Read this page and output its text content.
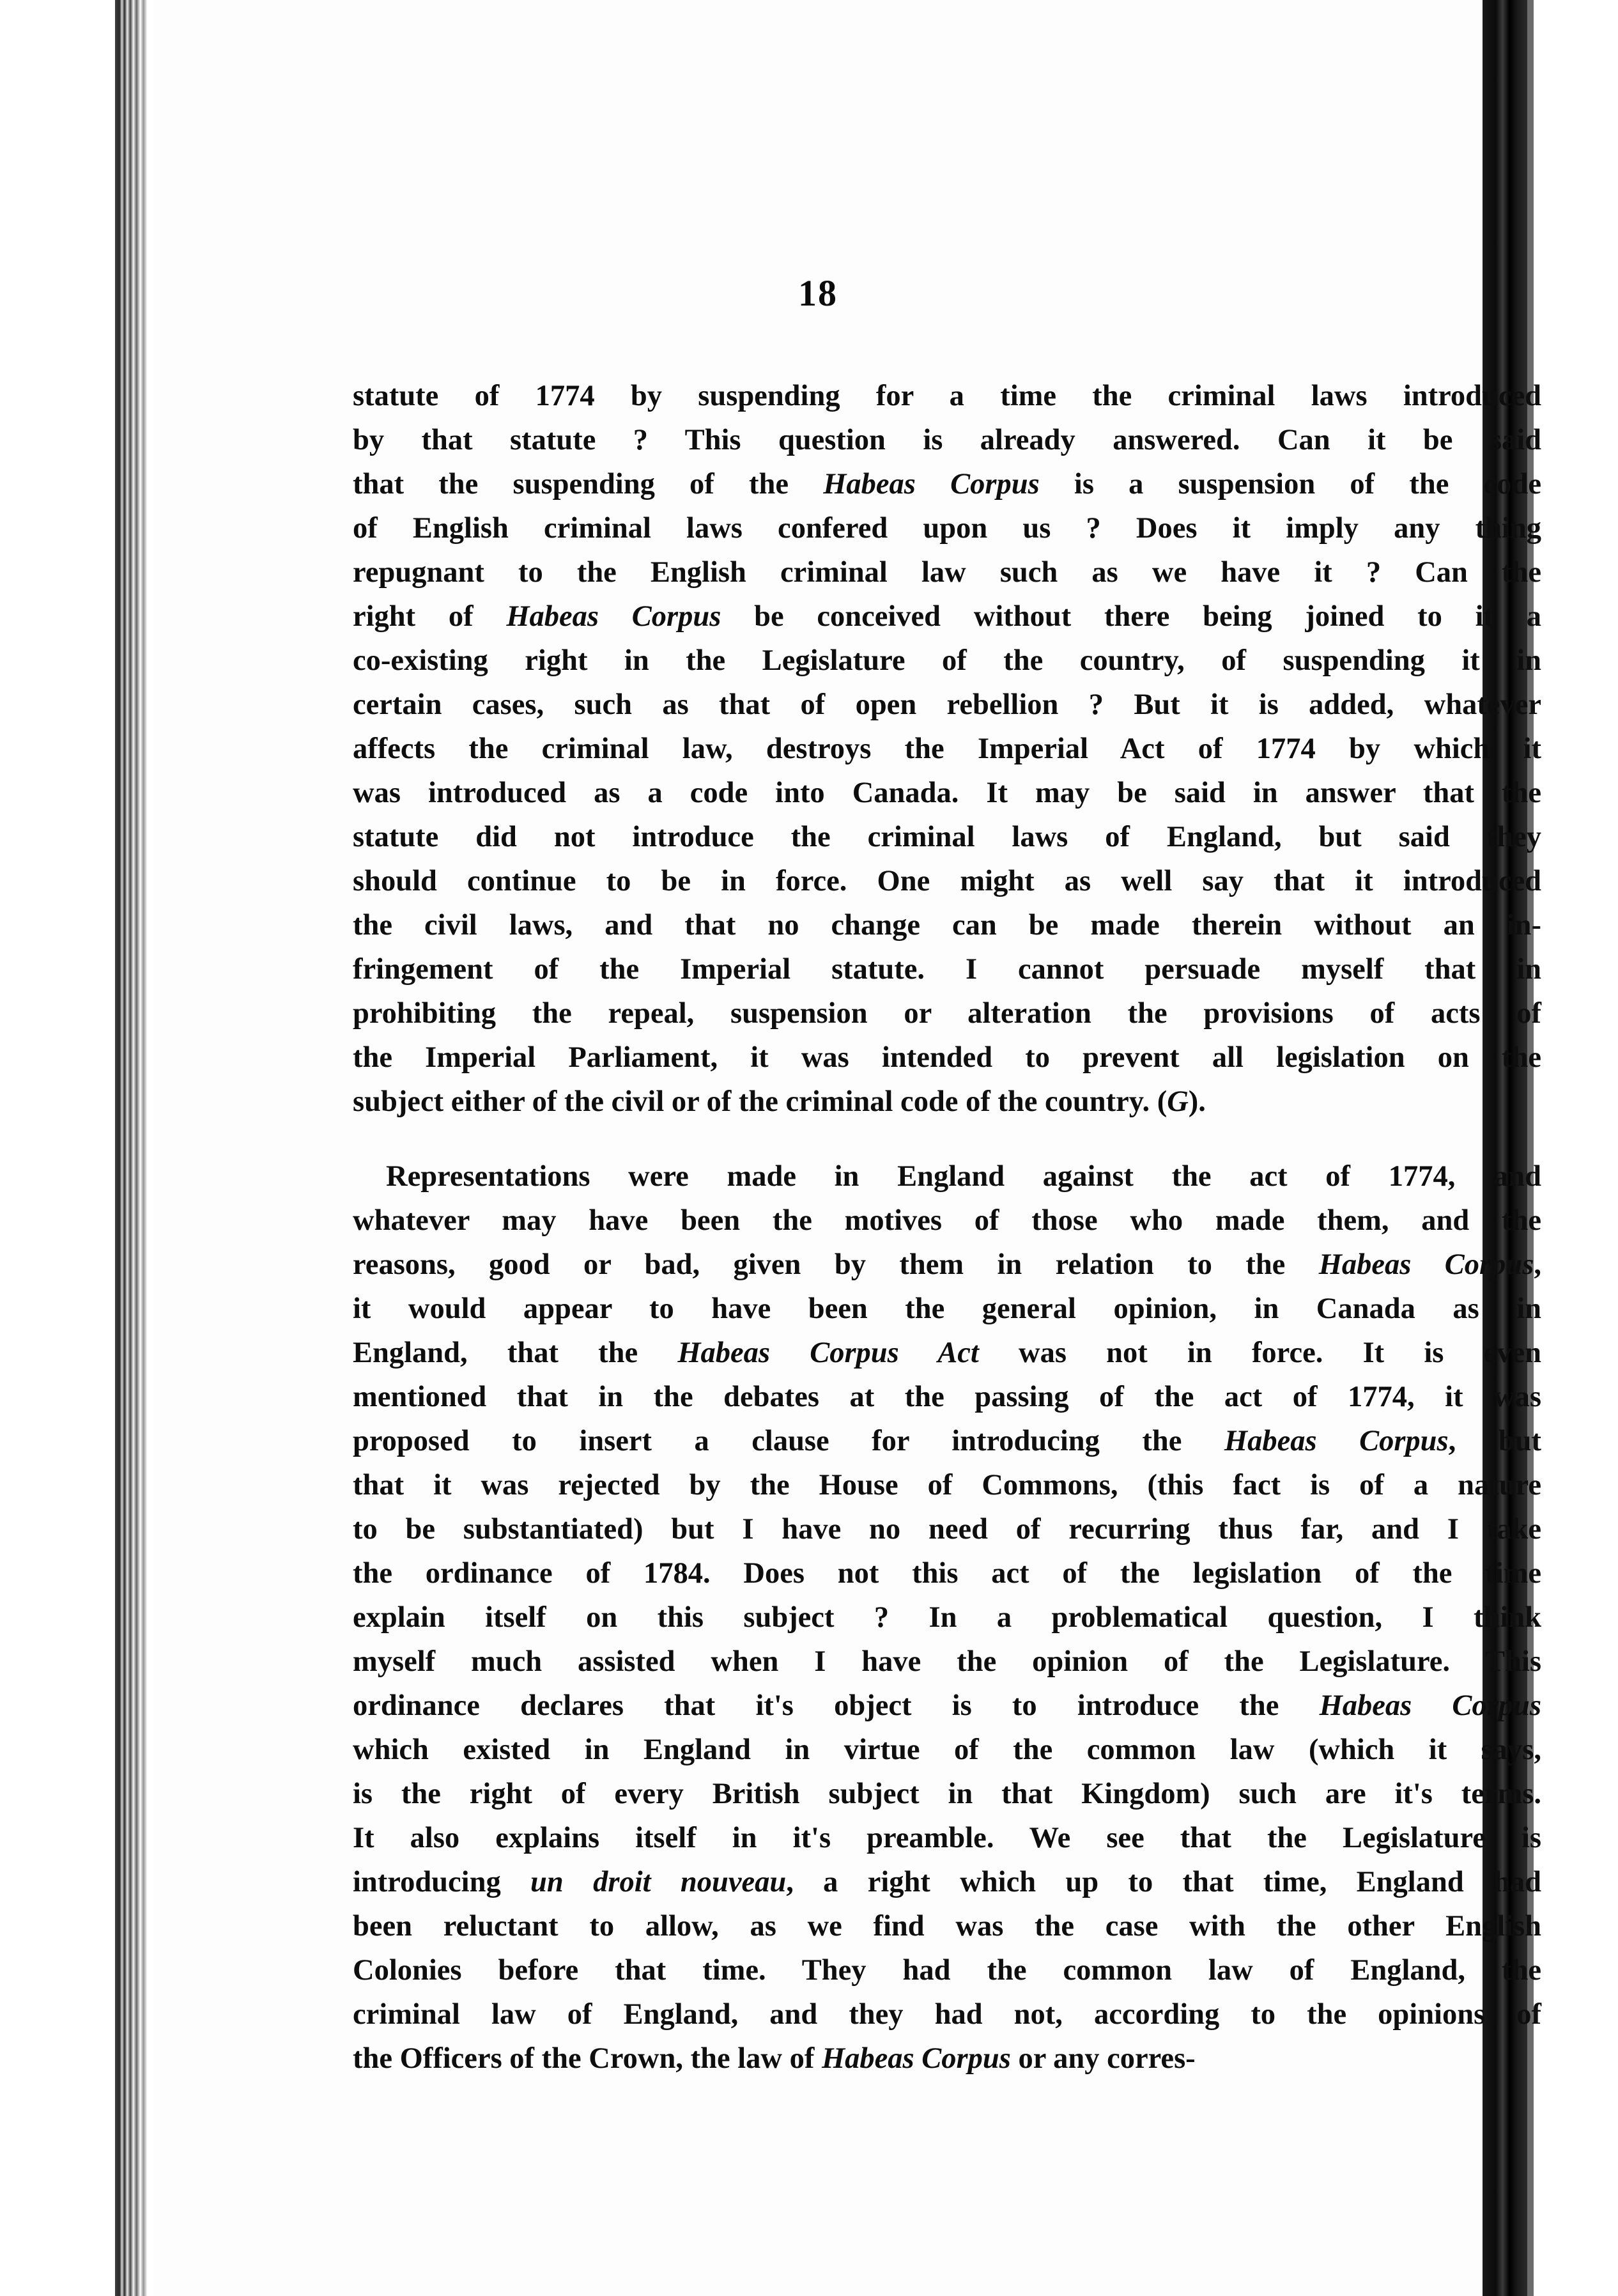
18
statute of 1774 by suspending for a time the criminal laws introduced
by that statute ? This question is already answered. Can it be said
that the suspending of the Habeas Corpus is a suspension of the code
of English criminal laws confered upon us ? Does it imply any thing
repugnant to the English criminal law such as we have it ? Can the
right of Habeas Corpus be conceived without there being joined to it a
co-existing right in the Legislature of the country, of suspending it in
certain cases, such as that of open rebellion ? But it is added, whatever
affects the criminal law, destroys the Imperial Act of 1774 by which it
was introduced as a code into Canada. It may be said in answer that the
statute did not introduce the criminal laws of England, but said they
should continue to be in force. One might as well say that it introduced
the civil laws, and that no change can be made therein without an in-
fringement of the Imperial statute. I cannot persuade myself that in
prohibiting the repeal, suspension or alteration the provisions of acts of
the Imperial Parliament, it was intended to prevent all legislation on the
subject either of the civil or of the criminal code of the country. (G).
Representations were made in England against the act of 1774, and
whatever may have been the motives of those who made them, and the
reasons, good or bad, given by them in relation to the Habeas Corpus,
it would appear to have been the general opinion, in Canada as in
England, that the Habeas Corpus Act was not in force. It is even
mentioned that in the debates at the passing of the act of 1774, it was
proposed to insert a clause for introducing the Habeas Corpus, but
that it was rejected by the House of Commons, (this fact is of a nature
to be substantiated) but I have no need of recurring thus far, and I take
the ordinance of 1784. Does not this act of the legislation of the time
explain itself on this subject ? In a problematical question, I think
myself much assisted when I have the opinion of the Legislature. This
ordinance declares that it's object is to introduce the Habeas Corpus
which existed in England in virtue of the common law (which it says,
is the right of every British subject in that Kingdom) such are it's terms.
It also explains itself in it's preamble. We see that the Legislature is
introducing un droit nouveau, a right which up to that time, England had
been reluctant to allow, as we find was the case with the other English
Colonies before that time. They had the common law of England, the
criminal law of England, and they had not, according to the opinions of
the Officers of the Crown, the law of Habeas Corpus or any corres-
